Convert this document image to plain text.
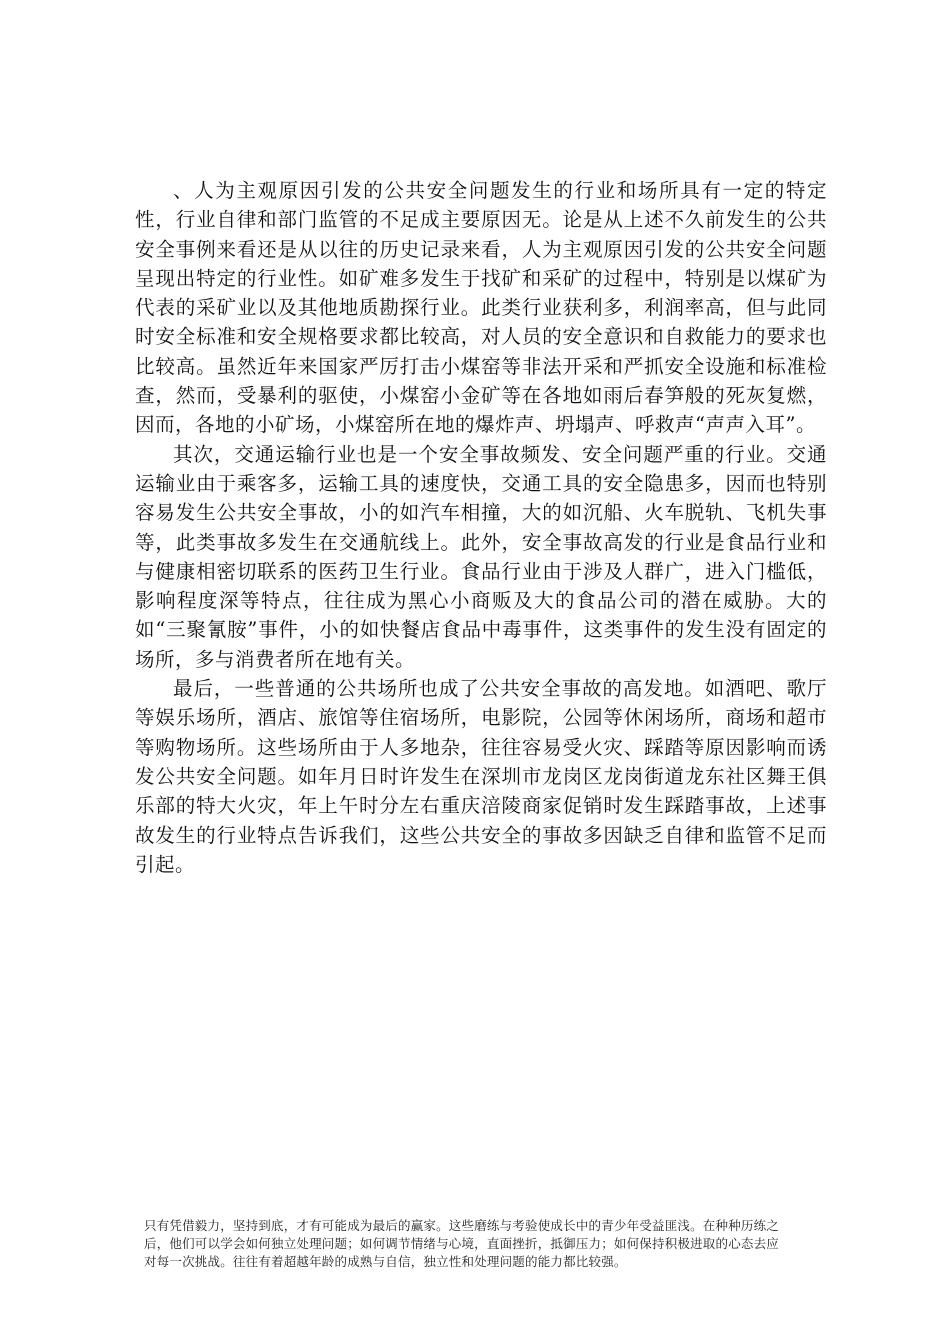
、人为主观原因引发的公共安全问题发生的行业和场所具有一定的特定性，行业自律和部门监管的不足成主要原因无。论是从上述不久前发生的公共安全事例来看还是从以往的历史记录来看，人为主观原因引发的公共安全问题呈现出特定的行业性。如矿难多发生于找矿和采矿的过程中，特别是以煤矿为代表的采矿业以及其他地质勘探行业。此类行业获利多，利润率高，但与此同时安全标准和安全规格要求都比较高，对人员的安全意识和自救能力的要求也比较高。虽然近年来国家严厉打击小煤窑等非法开采和严抓安全设施和标准检查，然而，受暴利的驱使，小煤窑小金矿等在各地如雨后春笋般的死灰复燃，因而，各地的小矿场，小煤窑所在地的爆炸声、坍塌声、呼救声“声声入耳”。

其次，交通运输行业也是一个安全事故频发、安全问题严重的行业。交通运输业由于乘客多，运输工具的速度快，交通工具的安全隐患多，因而也特别容易发生公共安全事故，小的如汽车相撞，大的如沉船、火车脱轨、飞机失事等，此类事故多发生在交通航线上。此外，安全事故高发的行业是食品行业和与健康相密切联系的医药卫生行业。食品行业由于涉及人群广，进入门槛低，影响程度深等特点，往往成为黑心小商贩及大的食品公司的潜在威胁。大的如“三聚氰胺”事件，小的如快餐店食品中毒事件，这类事件的发生没有固定的场所，多与消费者所在地有关。

最后，一些普通的公共场所也成了公共安全事故的高发地。如酒吧、歌厅等娱乐场所，酒店、旅馆等住宿场所，电影院，公园等休闲场所，商场和超市等购物场所。这些场所由于人多地杂，往往容易受火灾、踩踏等原因影响而诱发公共安全问题。如年月日时许发生在深圳市龙岗区龙岗街道龙东社区舞王俱乐部的特大火灾，年上午时分左右重庆涪陵商家促销时发生踩踏事故，上述事故发生的行业特点告诉我们，这些公共安全的事故多因缺乏自律和监管不足而引起。

只有凭借毅力，坚持到底，才有可能成为最后的赢家。这些磨练与考验使成长中的青少年受益匪浅。在种种历练之后，他们可以学会如何独立处理问题；如何调节情绪与心境，直面挫折，抵御压力；如何保持积极进取的心态去应对每一次挑战。往往有着超越年龄的成熟与自信，独立性和处理问题的能力都比较强。
